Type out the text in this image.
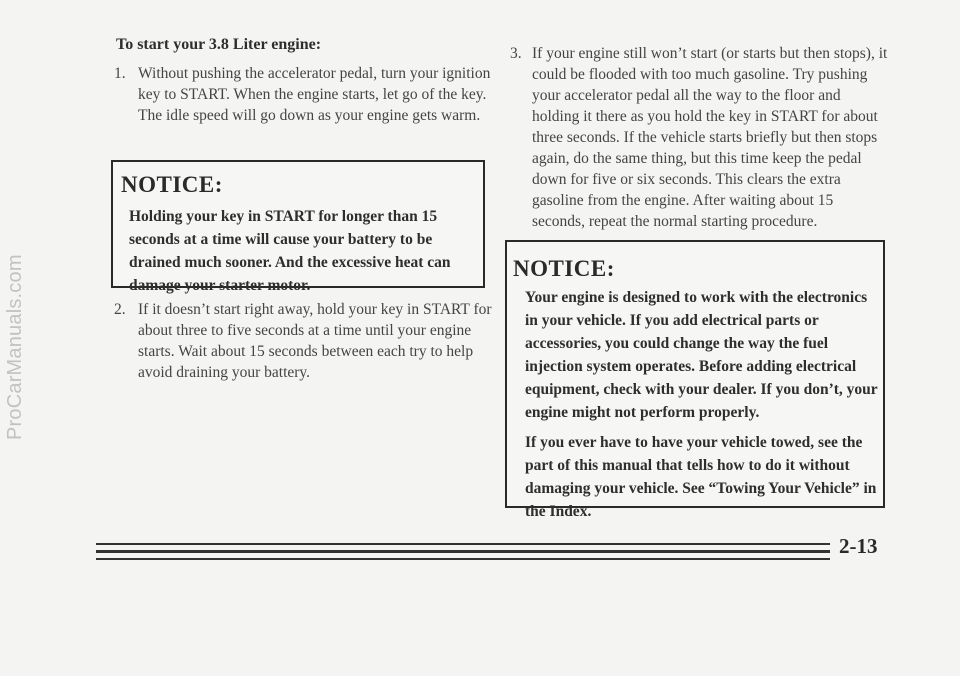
ProCarManuals.com
To start your 3.8 Liter engine:
1. Without pushing the accelerator pedal, turn your ignition key to START. When the engine starts, let go of the key. The idle speed will go down as your engine gets warm.
NOTICE:

Holding your key in START for longer than 15 seconds at a time will cause your battery to be drained much sooner. And the excessive heat can damage your starter motor.

2. If it doesn’t start right away, hold your key in START for about three to five seconds at a time until your engine starts. Wait about 15 seconds between each try to help avoid draining your battery.
3. If your engine still won’t start (or starts but then stops), it could be flooded with too much gasoline. Try pushing your accelerator pedal all the way to the floor and holding it there as you hold the key in START for about three seconds. If the vehicle starts briefly but then stops again, do the same thing, but this time keep the pedal down for five or six seconds. This clears the extra gasoline from the engine. After waiting about 15 seconds, repeat the normal starting procedure.
NOTICE:

Your engine is designed to work with the electronics in your vehicle. If you add electrical parts or accessories, you could change the way the fuel injection system operates. Before adding electrical equipment, check with your dealer. If you don’t, your engine might not perform properly.

If you ever have to have your vehicle towed, see the part of this manual that tells how to do it without damaging your vehicle. See “Towing Your Vehicle” in the Index.

2-13
